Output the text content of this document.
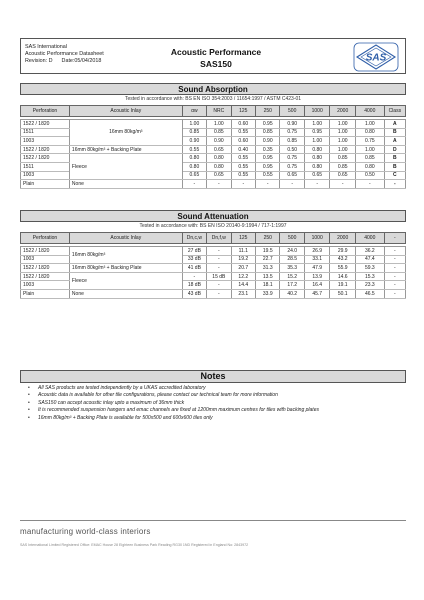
SAS International
Acoustic Performance Datasheet
Revision: D      Date:05/04/2018
Acoustic Performance
SAS150
SAS
Sound Absorption
Tested in accordance with: BS EN ISO 354:2003 / 11654:1997 / ASTM C423-01
Perforation	Acoustic Inlay	αw	NRC	125	250	500	1000	2000	4000	Class

1522 / 1820	16mm 80kg/m³	1.00	1.00	0.60	0.95	0.90	1.00	1.00	1.00	A
1511		0.85	0.85	0.55	0.85	0.75	0.95	1.00	0.80	B
1003		0.90	0.90	0.60	0.90	0.85	1.00	1.00	0.75	A
1522 / 1820	16mm 80kg/m³ + Backing Plate	0.55	0.65	0.40	0.35	0.50	0.80	1.00	1.00	D
1522 / 1820	Fleece	0.80	0.80	0.55	0.95	0.75	0.80	0.85	0.85	B
1511		0.80	0.80	0.55	0.95	0.75	0.80	0.85	0.80	B
1003		0.65	0.65	0.55	0.55	0.65	0.65	0.65	0.50	C
Plain	None	-	-	-	-	-	-	-	-	-
Sound Attenuation
Tested in accordance with: BS EN ISO 20140-9:1994 / 717-1:1997
Perforation	Acoustic Inlay	Dn,c,w	Dn,f,w	125	250	500	1000	2000	4000	-

1522 / 1820	16mm 80kg/m³	27 dB	-	11.1	19.5	24.0	26.9	29.9	36.2	-
1003		33 dB	-	19.2	22.7	28.5	33.1	43.2	47.4	-
1522 / 1820	16mm 80kg/m³ + Backing Plate	41 dB	-	20.7	31.3	35.3	47.9	55.9	59.3	-
1522 / 1820	Fleece	-	15 dB	12.2	13.5	15.2	13.9	14.6	15.3	-
1003		18 dB	-	14.4	18.1	17.2	16.4	19.1	23.3	-
Plain	None	43 dB	-	23.1	33.9	40.2	45.7	50.1	46.5	-
Notes
• All SAS products are tested independently by a UKAS accredited laboratory
• Acoustic data is available for other tile configurations, please contact our technical team for more information
• SAS150 can accept acoustic inlay upto a maximum of 36mm thick
• It is recommended suspension hangers and emac channels are fixed at 1200mm maximum centres for tiles with backing plates
• 16mm 80kg/m³ + Backing Plate is available for 500x500 and 600x600 tiles only
manufacturing world-class interiors
SAS International Limited Registered Office: EMAC House 28 Eighteen Business Park Reading RG30 1ND Registered in England No: 2843972
